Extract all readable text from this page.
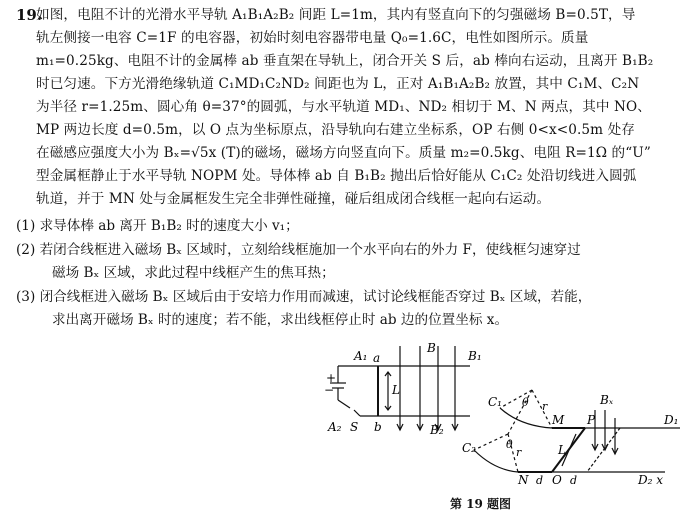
19.
如图，电阻不计的光滑水平导轨 A₁B₁A₂B₂ 间距 L=1m，其内有竖直向下的匀强磁场 B=0.5T，导
轨左侧接一电容 C=1F 的电容器，初始时刻电容器带电量 Q₀=1.6C，电性如图所示。质量
m₁=0.25kg、电阻不计的金属棒 ab 垂直架在导轨上，闭合开关 S 后，ab 棒向右运动，且离开 B₁B₂
时已匀速。下方光滑绝缘轨道 C₁MD₁C₂ND₂ 间距也为 L，正对 A₁B₁A₂B₂ 放置，其中 C₁M、C₂N
为半径 r=1.25m、圆心角 θ=37°的圆弧，与水平轨道 MD₁、ND₂ 相切于 M、N 两点，其中 NO、
MP 两边长度 d=0.5m，以 O 点为坐标原点，沿导轨向右建立坐标系，OP 右侧 0<x<0.5m 处存
在磁感应强度大小为 Bₓ=√5x (T)的磁场，磁场方向竖直向下。质量 m₂=0.5kg、电阻 R=1Ω 的“U”
型金属框静止于水平导轨 NOPM 处。导体棒 ab 自 B₁B₂ 抛出后恰好能从 C₁C₂ 处沿切线进入圆弧
轨道，并于 MN 处与金属框发生完全非弹性碰撞，碰后组成闭合线框一起向右运动。
(1) 求导体棒 ab 离开 B₁B₂ 时的速度大小 v₁；
(2) 若闭合线框进入磁场 Bₓ 区域时，立刻给线框施加一个水平向右的外力 F，使线框匀速穿过
磁场 Bₓ 区域，求此过程中线框产生的焦耳热；
(3) 闭合线框进入磁场 Bₓ 区域后由于安培力作用而减速，试讨论线框能否穿过 Bₓ 区域，若能，
求出离开磁场 Bₓ 时的速度；若不能，求出线框停止时 ab 边的位置坐标 x。
+
−
A₁	B₁
A₂	B₂
B
a
b
L
S
C₁
C₂
θ
θ
r
r
M
N
P
O
Bₓ
L
D₁
D₂ x
d d
第 19 题图
